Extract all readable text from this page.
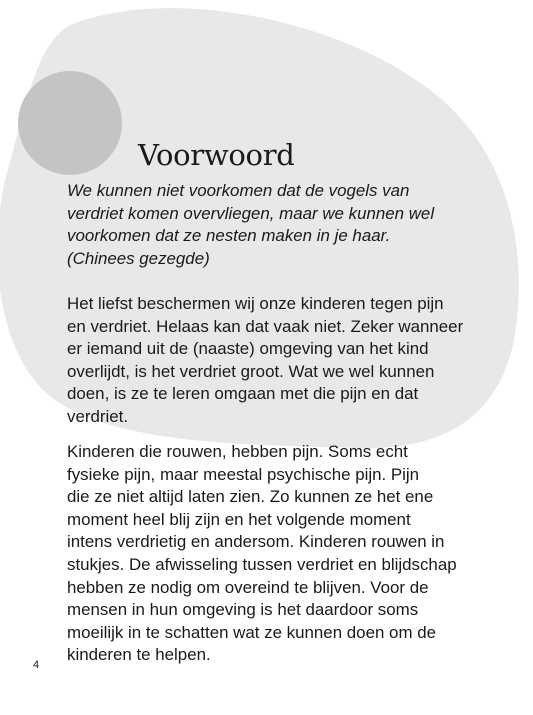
Voorwoord
We kunnen niet voorkomen dat de vogels van
verdriet komen overvliegen, maar we kunnen wel
voorkomen dat ze nesten maken in je haar.
(Chinees gezegde)
Het liefst beschermen wij onze kinderen tegen pijn
en verdriet. Helaas kan dat vaak niet. Zeker wanneer
er iemand uit de (naaste) omgeving van het kind
overlijdt, is het verdriet groot. Wat we wel kunnen
doen, is ze te leren omgaan met die pijn en dat
verdriet.
Kinderen die rouwen, hebben pijn. Soms echt
fysieke pijn, maar meestal psychische pijn. Pijn
die ze niet altijd laten zien. Zo kunnen ze het ene
moment heel blij zijn en het volgende moment
intens verdrietig en andersom. Kinderen rouwen in
stukjes. De afwisseling tussen verdriet en blijdschap
hebben ze nodig om overeind te blijven. Voor de
mensen in hun omgeving is het daardoor soms
moeilijk in te schatten wat ze kunnen doen om de
kinderen te helpen.
4
